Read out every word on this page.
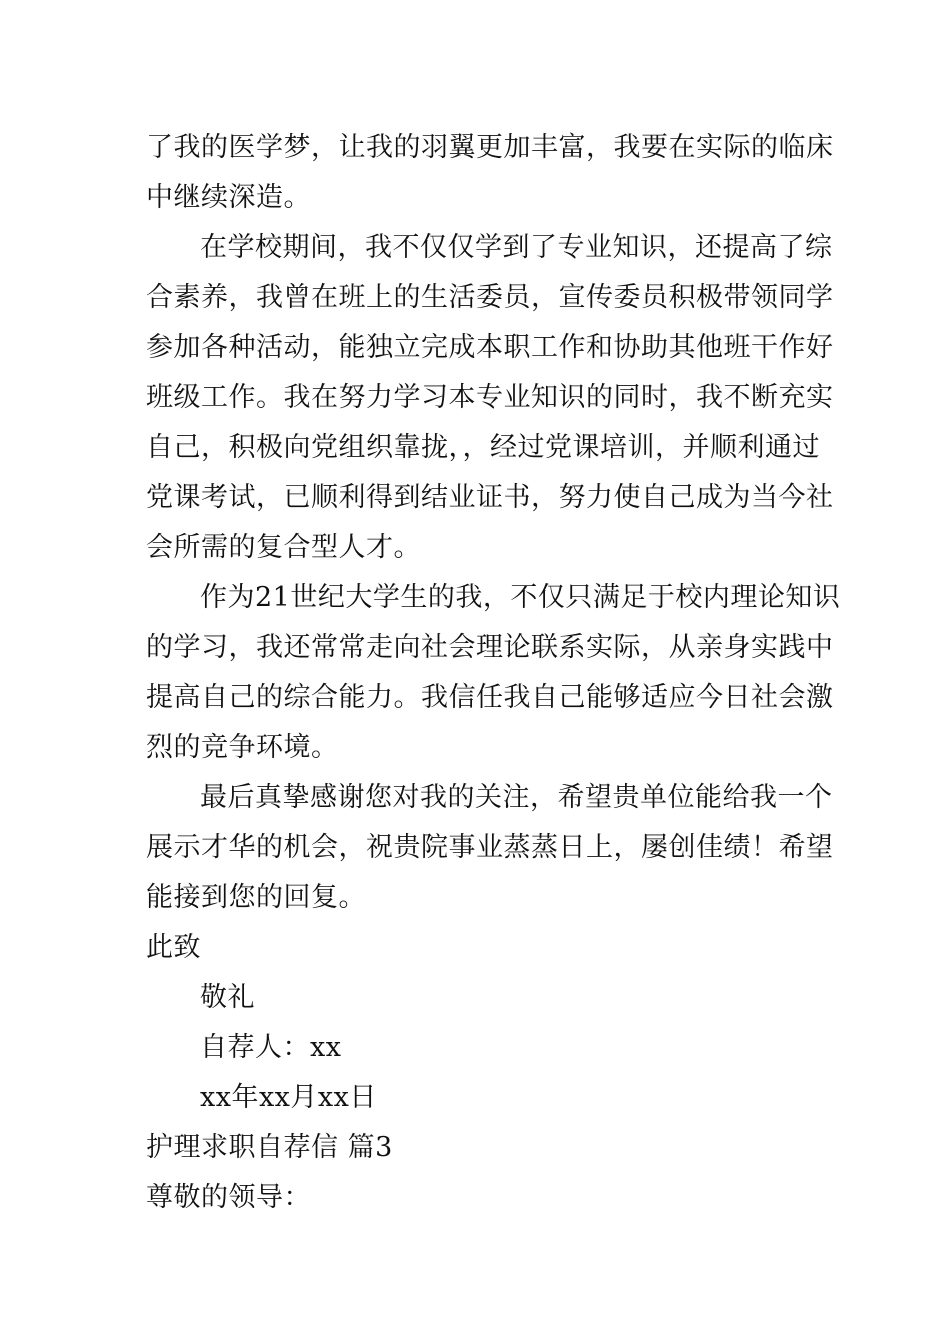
了我的医学梦，让我的羽翼更加丰富，我要在实际的临床
中继续深造。
在学校期间，我不仅仅学到了专业知识，还提高了综
合素养，我曾在班上的生活委员，宣传委员积极带领同学
参加各种活动，能独立完成本职工作和协助其他班干作好
班级工作。我在努力学习本专业知识的同时，我不断充实
自己，积极向党组织靠拢，，经过党课培训，并顺利通过
党课考试，已顺利得到结业证书，努力使自己成为当今社
会所需的复合型人才。
作为21世纪大学生的我，不仅只满足于校内理论知识
的学习，我还常常走向社会理论联系实际，从亲身实践中
提高自己的综合能力。我信任我自己能够适应今日社会激
烈的竞争环境。
最后真挚感谢您对我的关注，希望贵单位能给我一个
展示才华的机会，祝贵院事业蒸蒸日上，屡创佳绩！希望
能接到您的回复。
此致
敬礼
自荐人：xx
xx年xx月xx日
护理求职自荐信 篇3
尊敬的领导：
